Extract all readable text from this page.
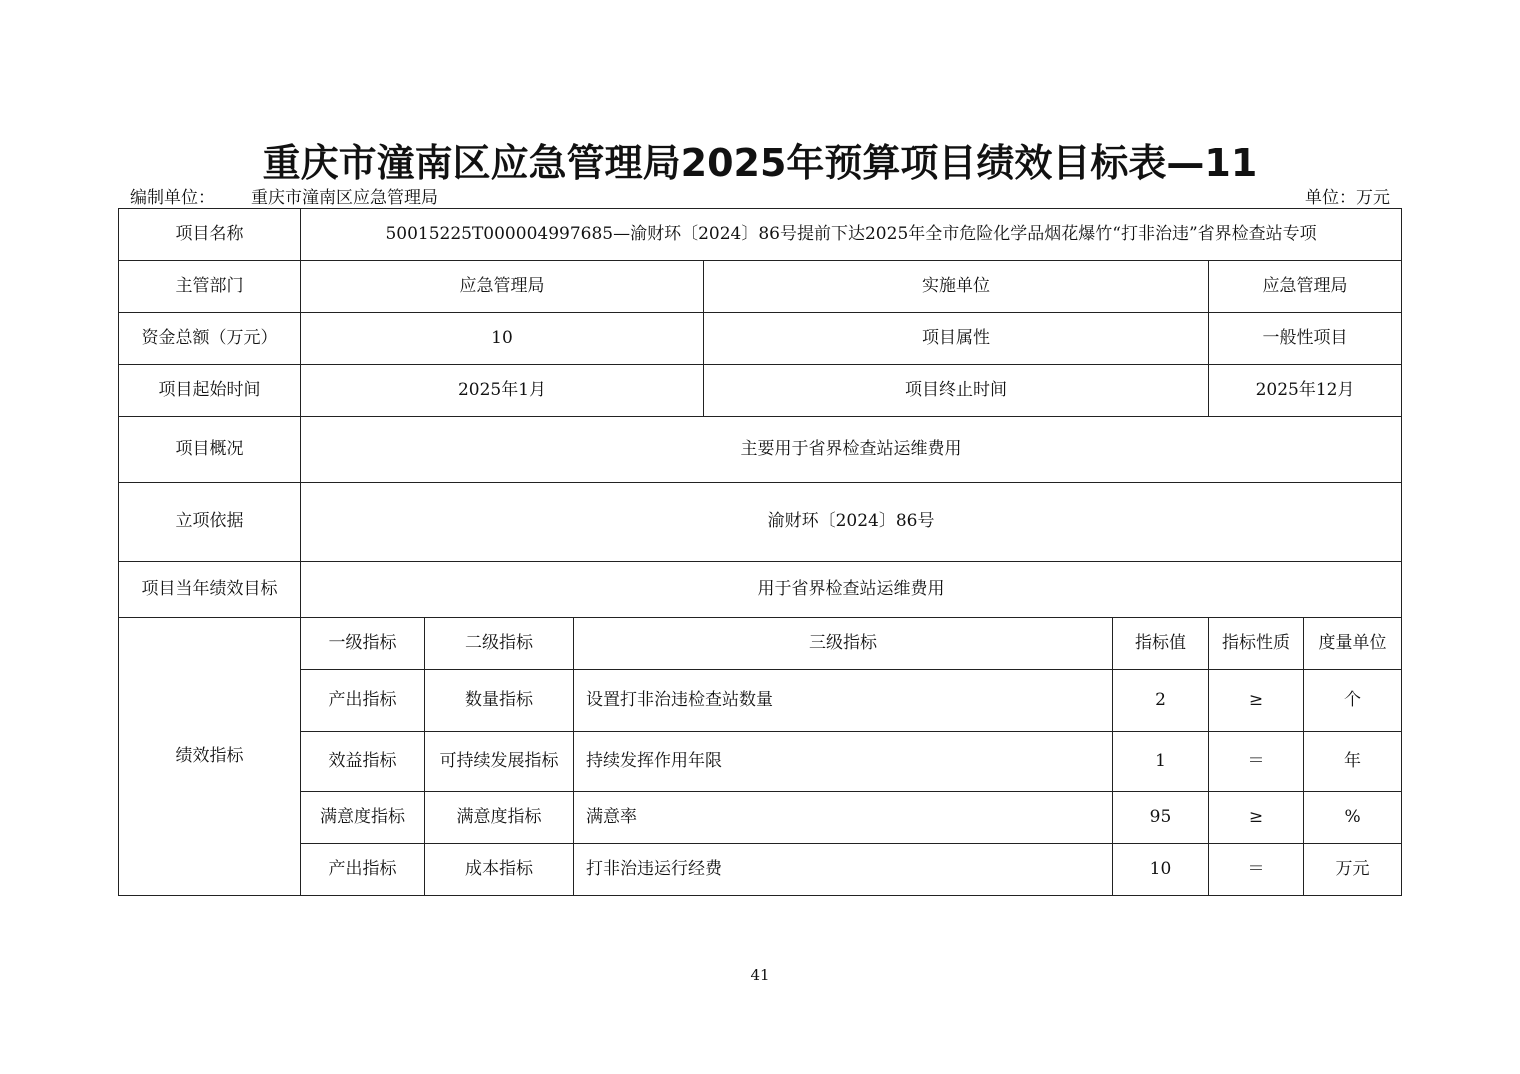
重庆市潼南区应急管理局2025年预算项目绩效目标表—11
编制单位： 重庆市潼南区应急管理局	单位：万元
项目名称	50015225T000004997685—渝财环〔2024〕86号提前下达2025年全市危险化学品烟花爆竹“打非治违”省界检查站专项						
主管部门	应急管理局			实施单位		应急管理局	
资金总额（万元）	10			项目属性		一般性项目	
项目起始时间	2025年1月			项目终止时间		2025年12月	
项目概况	主要用于省界检查站运维费用						
立项依据	渝财环〔2024〕86号						
项目当年绩效目标	用于省界检查站运维费用						
绩效指标	一级指标	二级指标	三级指标		指标值	指标性质	度量单位
	产出指标	数量指标	设置打非治违检查站数量		2	≥	个
	效益指标	可持续发展指标	持续发挥作用年限		1	＝	年
	满意度指标	满意度指标	满意率		95	≥	%
	产出指标	成本指标	打非治违运行经费		10	＝	万元
41
